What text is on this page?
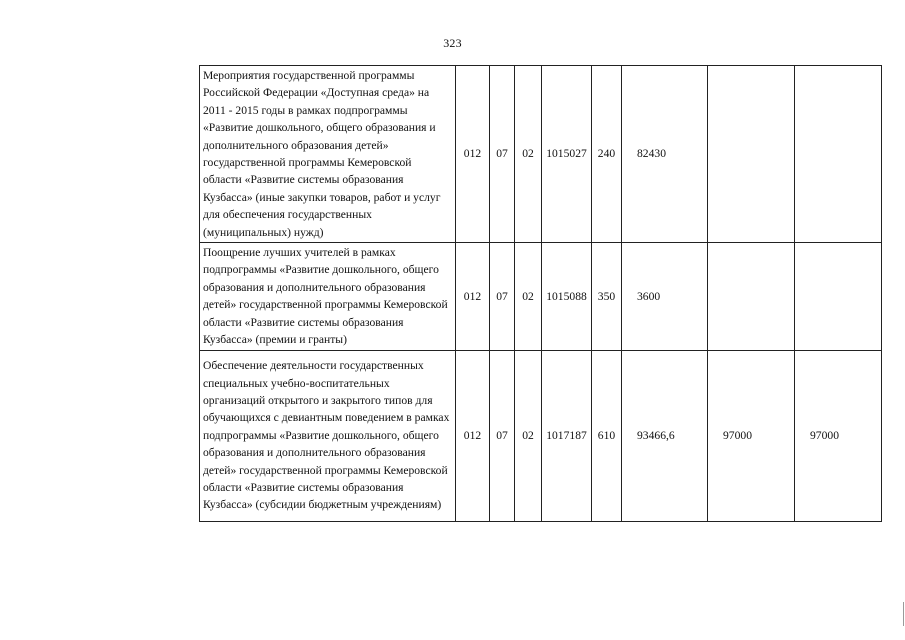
323
Мероприятия государственной программы Российской Федерации «Доступная среда» на 2011 - 2015 годы в рамках подпрограммы «Развитие дошкольного, общего образования и дополнительного образования детей» государственной программы Кемеровской области «Развитие системы образования Кузбасса» (иные закупки товаров, работ и услуг для обеспечения государственных (муниципальных) нужд)	012	07	02	1015027	240	82430		
Поощрение лучших учителей в рамках подпрограммы «Развитие дошкольного, общего образования и дополнительного образования детей» государственной программы Кемеровской области «Развитие системы образования Кузбасса» (премии и гранты)	012	07	02	1015088	350	3600		
Обеспечение деятельности государственных специальных учебно-воспитательных организаций открытого и закрытого типов для обучающихся с девиантным поведением в рамках подпрограммы «Развитие дошкольного, общего образования и дополнительного образования детей» государственной программы Кемеровской области «Развитие системы образования Кузбасса» (субсидии бюджетным учреждениям)	012	07	02	1017187	610	93466,6	97000	97000
